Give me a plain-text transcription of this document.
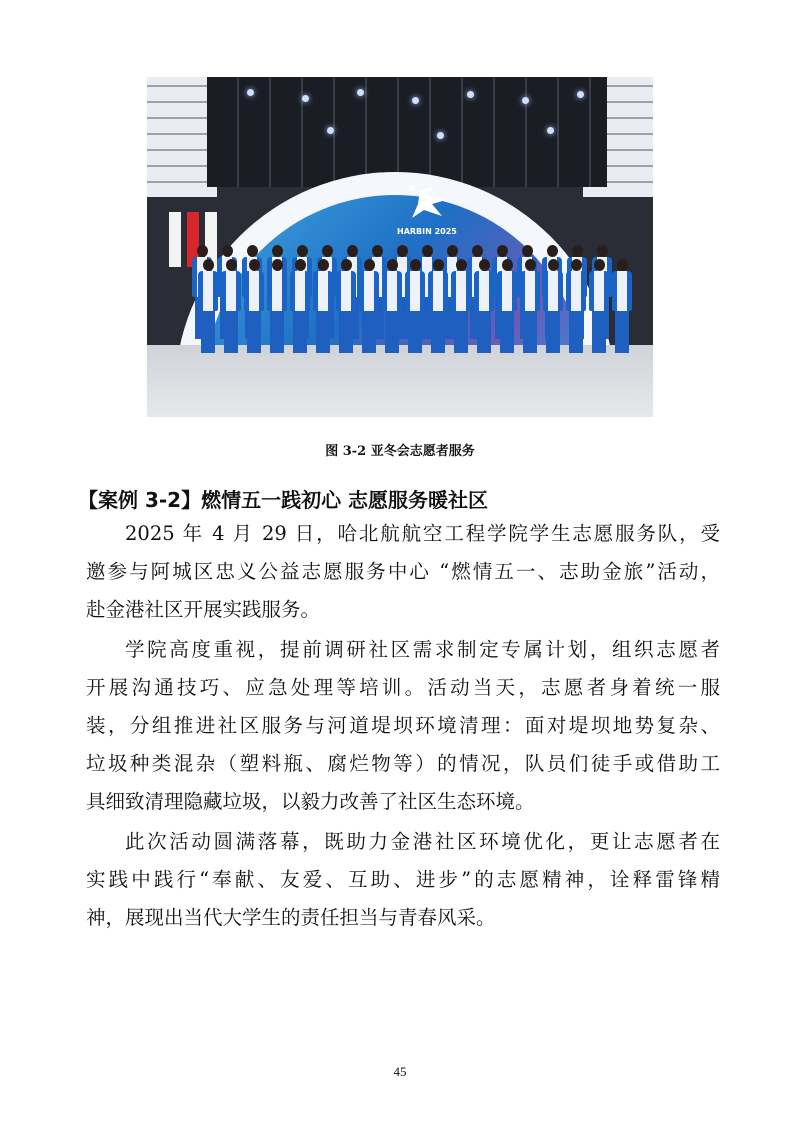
HARBIN 2025
图 3-2 亚冬会志愿者服务
【案例 3-2】燃情五一践初心 志愿服务暖社区
2025 年 4 月 29 日，哈北航航空工程学院学生志愿服务队，受
邀参与阿城区忠义公益志愿服务中心 “燃情五一、志助金旅”活动，
赴金港社区开展实践服务。
学院高度重视，提前调研社区需求制定专属计划，组织志愿者
开展沟通技巧、应急处理等培训。活动当天，志愿者身着统一服
装，分组推进社区服务与河道堤坝环境清理：面对堤坝地势复杂、
垃圾种类混杂（塑料瓶、腐烂物等）的情况，队员们徒手或借助工
具细致清理隐藏垃圾，以毅力改善了社区生态环境。
此次活动圆满落幕，既助力金港社区环境优化，更让志愿者在
实践中践行“奉献、友爱、互助、进步”的志愿精神，诠释雷锋精
神，展现出当代大学生的责任担当与青春风采。
45
